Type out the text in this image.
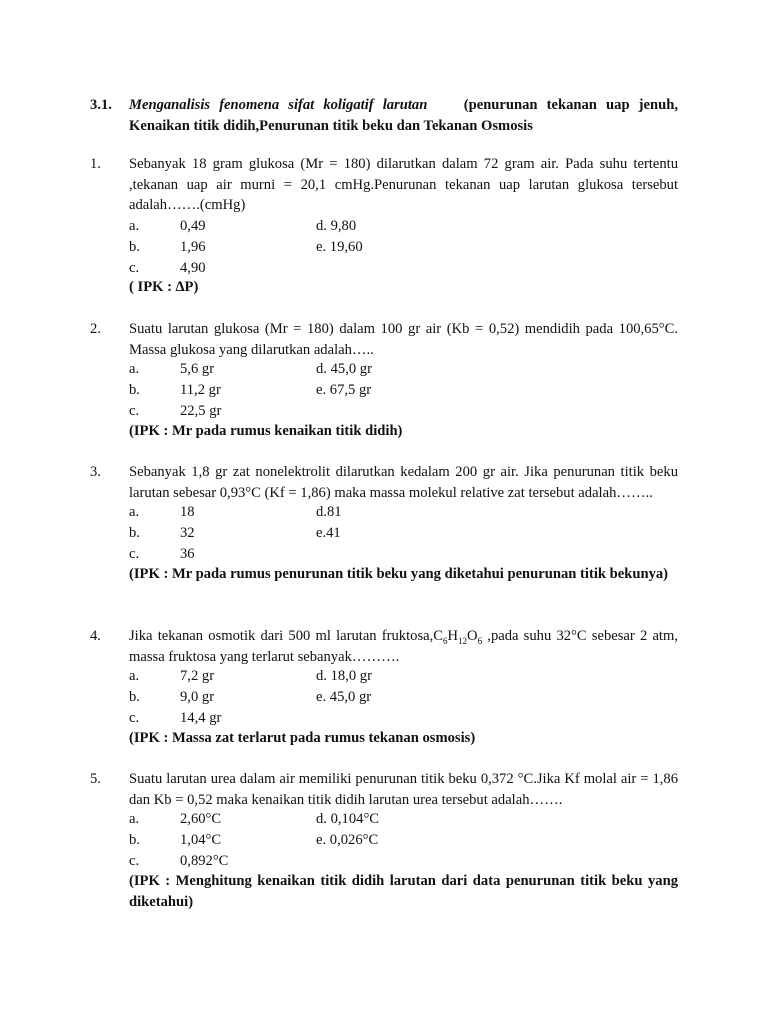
3.1. Menganalisis fenomena sifat koligatif larutan (penurunan tekanan uap jenuh, Kenaikan titik didih,Penurunan titik beku dan Tekanan Osmosis
1. Sebanyak 18 gram glukosa (Mr = 180) dilarutkan dalam 72 gram air. Pada suhu tertentu ,tekanan uap air murni = 20,1 cmHg.Penurunan tekanan uap larutan glukosa tersebut adalah…….(cmHg)
a.	0,49
b.	1,96
c.	4,90
d. 9,80
e. 19,60
( IPK : ∆P)
2. Suatu larutan glukosa (Mr = 180) dalam 100 gr air (Kb = 0,52) mendidih pada 100,65°C. Massa glukosa yang dilarutkan adalah…..
a.	5,6 gr
b.	11,2 gr
c.	22,5 gr
d. 45,0 gr
e. 67,5 gr
(IPK : Mr pada rumus kenaikan titik didih)
3. Sebanyak 1,8 gr zat nonelektrolit dilarutkan kedalam 200 gr air. Jika penurunan titik beku larutan sebesar 0,93°C (Kf = 1,86) maka massa molekul relative zat tersebut adalah……..
a.	18
b.	32
c.	36
d.81
e.41
(IPK : Mr pada rumus penurunan titik beku yang diketahui penurunan titik bekunya)
4. Jika tekanan osmotik dari 500 ml larutan $fruktosa,C_6H_{12}O_6$ ,pada suhu 32°C sebesar 2 atm, massa fruktosa yang terlarut sebanyak……….
a.	7,2 gr
b.	9,0 gr
c.	14,4 gr
d. 18,0 gr
e. 45,0 gr
(IPK : Massa zat terlarut pada rumus tekanan osmosis)
5. Suatu larutan urea dalam air memiliki penurunan titik beku 0,372 °C.Jika Kf molal air = 1,86 dan Kb = 0,52 maka kenaikan titik didih larutan urea tersebut adalah…….
a.	2,60°C
b.	1,04°C
c.	0,892°C
d. 0,104°C
e. 0,026°C
(IPK : Menghitung kenaikan titik didih larutan dari data penurunan titik beku yang diketahui)
